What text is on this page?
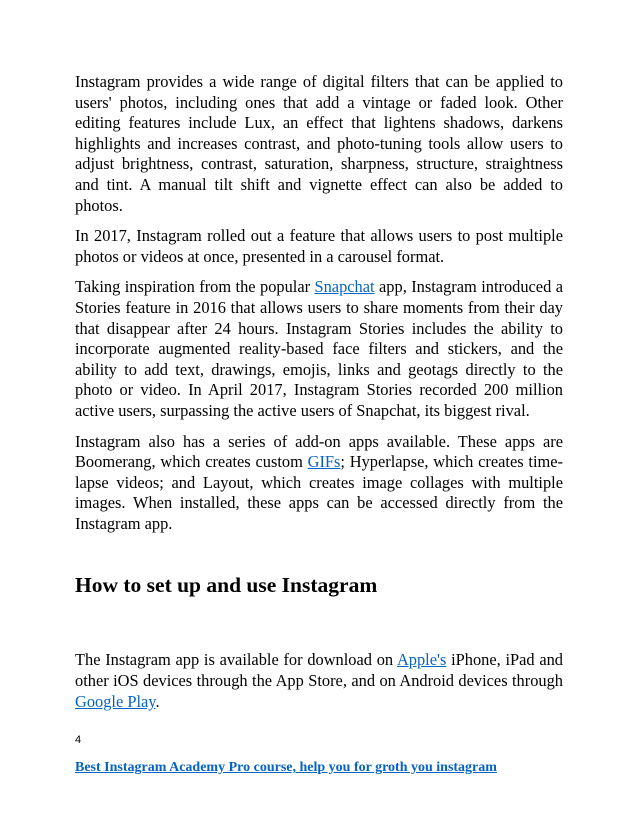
Instagram provides a wide range of digital filters that can be applied to users' photos, including ones that add a vintage or faded look. Other editing features include Lux, an effect that lightens shadows, darkens highlights and increases contrast, and photo-tuning tools allow users to adjust brightness, contrast, saturation, sharpness, structure, straightness and tint. A manual tilt shift and vignette effect can also be added to photos.

In 2017, Instagram rolled out a feature that allows users to post multiple photos or videos at once, presented in a carousel format.

Taking inspiration from the popular Snapchat app, Instagram introduced a Stories feature in 2016 that allows users to share moments from their day that disappear after 24 hours. Instagram Stories includes the ability to incorporate augmented reality-based face filters and stickers, and the ability to add text, drawings, emojis, links and geotags directly to the photo or video. In April 2017, Instagram Stories recorded 200 million active users, surpassing the active users of Snapchat, its biggest rival.

Instagram also has a series of add-on apps available. These apps are Boomerang, which creates custom GIFs; Hyperlapse, which creates time-lapse videos; and Layout, which creates image collages with multiple images. When installed, these apps can be accessed directly from the Instagram app.

How to set up and use Instagram

The Instagram app is available for download on Apple's iPhone, iPad and other iOS devices through the App Store, and on Android devices through Google Play.

4
Best Instagram Academy Pro course, help you for groth you instagram
